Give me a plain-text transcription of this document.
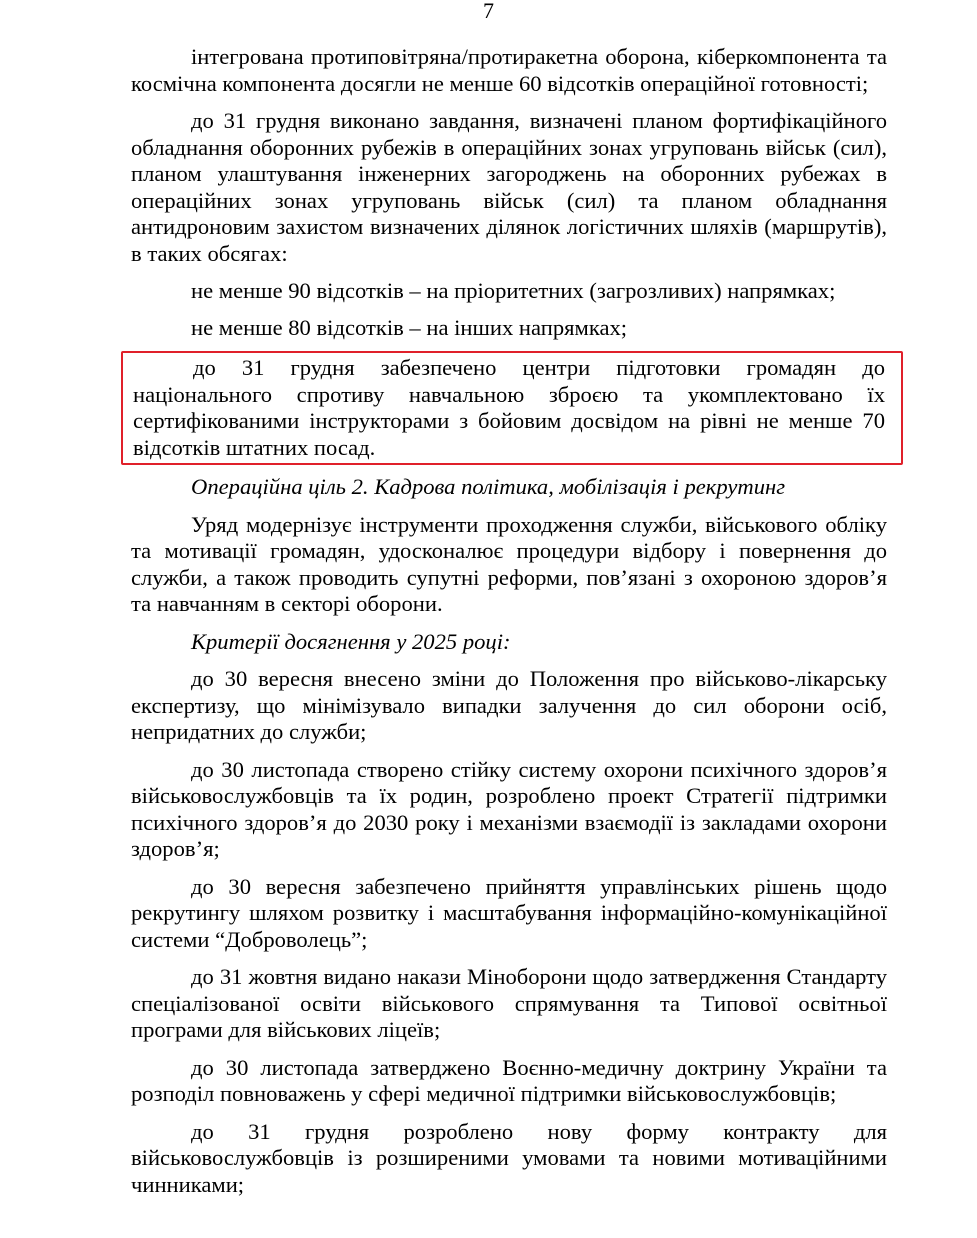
7

інтегрована протиповітряна/протиракетна оборона, кіберкомпонента та космічна компонента досягли не менше 60 відсотків операційної готовності;

до 31 грудня виконано завдання, визначені планом фортифікаційного обладнання оборонних рубежів в операційних зонах угруповань військ (сил), планом улаштування інженерних загороджень на оборонних рубежах в операційних зонах угруповань військ (сил) та планом обладнання антидроновим захистом визначених ділянок логістичних шляхів (маршрутів), в таких обсягах:

не менше 90 відсотків – на пріоритетних (загрозливих) напрямках;

не менше 80 відсотків – на інших напрямках;

до 31 грудня забезпечено центри підготовки громадян до національного спротиву навчальною зброєю та укомплектовано їх сертифікованими інструкторами з бойовим досвідом на рівні не менше 70 відсотків штатних посад.

Операційна ціль 2. Кадрова політика, мобілізація і рекрутинг

Уряд модернізує інструменти проходження служби, військового обліку та мотивації громадян, удосконалює процедури відбору і повернення до служби, а також проводить супутні реформи, пов’язані з охороною здоров’я та навчанням в секторі оборони.

Критерії досягнення у 2025 році:

до 30 вересня внесено зміни до Положення про військово-лікарську експертизу, що мінімізувало випадки залучення до сил оборони осіб, непридатних до служби;

до 30 листопада створено стійку систему охорони психічного здоров’я військовослужбовців та їх родин, розроблено проект Стратегії підтримки психічного здоров’я до 2030 року і механізми взаємодії із закладами охорони здоров’я;

до 30 вересня забезпечено прийняття управлінських рішень щодо рекрутингу шляхом розвитку і масштабування інформаційно-комунікаційної системи “Доброволець”;

до 31 жовтня видано накази Міноборони щодо затвердження Стандарту спеціалізованої освіти військового спрямування та Типової освітньої програми для військових ліцеїв;

до 30 листопада затверджено Воєнно-медичну доктрину України та розподіл повноважень у сфері медичної підтримки військовослужбовців;

до 31 грудня розроблено нову форму контракту для військовослужбовців із розширеними умовами та новими мотиваційними чинниками;
